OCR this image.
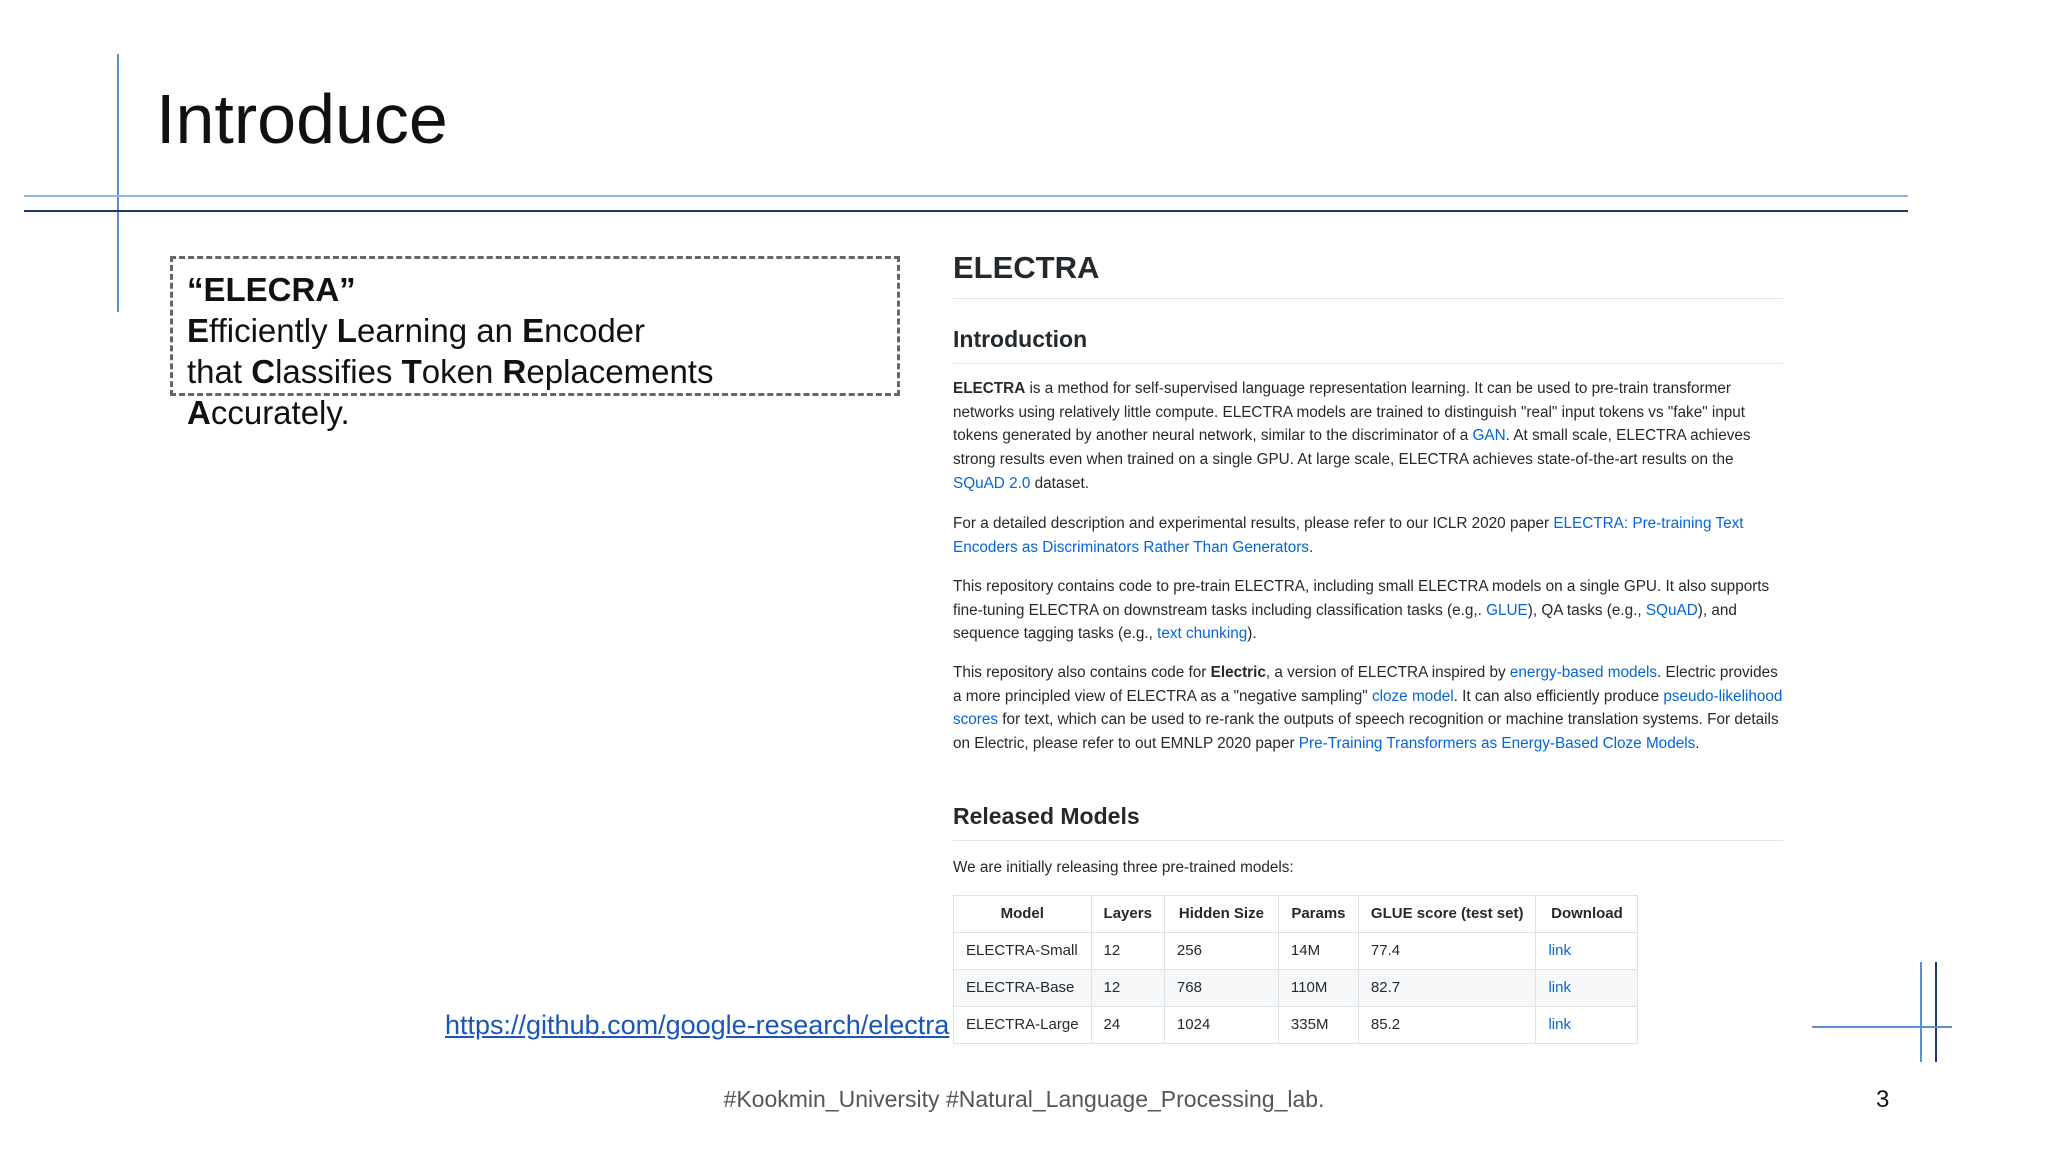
Introduce
“ELECRA”
Efficiently Learning an Encoder
that Classifies Token Replacements Accurately.
https://github.com/google-research/electra
ELECTRA
Introduction

ELECTRA is a method for self-supervised language representation learning. It can be used to pre-train transformer networks using relatively little compute. ELECTRA models are trained to distinguish "real" input tokens vs "fake" input tokens generated by another neural network, similar to the discriminator of a GAN. At small scale, ELECTRA achieves strong results even when trained on a single GPU. At large scale, ELECTRA achieves state-of-the-art results on the SQuAD 2.0 dataset.

For a detailed description and experimental results, please refer to our ICLR 2020 paper ELECTRA: Pre-training Text Encoders as Discriminators Rather Than Generators.

This repository contains code to pre-train ELECTRA, including small ELECTRA models on a single GPU. It also supports fine-tuning ELECTRA on downstream tasks including classification tasks (e.g,. GLUE), QA tasks (e.g., SQuAD), and sequence tagging tasks (e.g., text chunking).

This repository also contains code for Electric, a version of ELECTRA inspired by energy-based models. Electric provides a more principled view of ELECTRA as a "negative sampling" cloze model. It can also efficiently produce pseudo-likelihood scores for text, which can be used to re-rank the outputs of speech recognition or machine translation systems. For details on Electric, please refer to out EMNLP 2020 paper Pre-Training Transformers as Energy-Based Cloze Models.

Released Models

We are initially releasing three pre-trained models:

Model	Layers	Hidden Size	Params	GLUE score (test set)	Download
ELECTRA-Small	12	256	14M	77.4	link
ELECTRA-Base	12	768	110M	82.7	link
ELECTRA-Large	24	1024	335M	85.2	link
#Kookmin_University #Natural_Language_Processing_lab.	3
